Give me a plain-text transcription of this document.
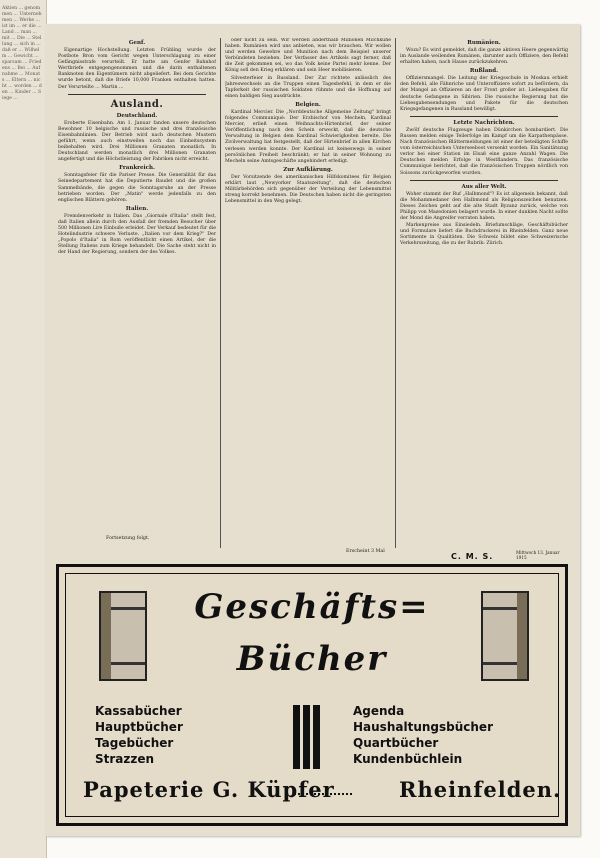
Aktien ... genommen ... Unternehmen ... Werke ... ist im ... er die ... Land ... man ... mit ... Die ... Stellung ... sich in ... daß er ... Wilhelm ... Gewicht ... sparsam ... Friedens ... Bei ... Aufnahme ... Monats ... Eltern ... nicht ... worden ... den ... Kinder ... Siege ...
Genf.

Eigenartige Hochstellung. Letzten Frühling wurde der Postbote Bron vom Gericht wegen Unterschlagung zu einer Gefängnisstrafe verurteilt. Er hatte am Genfer Bahnhof Wertbriefe entgegengenommen und die darin enthaltenen Banknoten den Eigentümern nicht abgeliefert. Bei dem Gerichte wurde betont, daß die Briefe 10,000 Franken enthalten hatten. Der Verurteilte ... Martin ...

Ausland.
Deutschland.

Eroberte Eisenbahn. Am 1. Januar fanden unsere deutschen Bewohner 10 belgische und russische und drei französische Eisenbahnlinien. Der Betrieb wird nach deutschen Mustern geführt, wenn auch einstweilen noch das Einheitssystem beibehalten wird. Drei Millionen Granaten monatlich. In Deutschland werden monatlich drei Millionen Granaten angefertigt und die Höchstleistung der Fabriken nicht erreicht.

Frankreich.

Sonntagsfeier für die Pariser Presse. Die Generalität für das Seinedepartement hat die Deputierte Baudet und die großen Sammelbände, die gegen die Sonntagsruhe an der Presse betrieben worden. Der „Matin" werde jedenfalls zu den englischen Blättern gehören.

Italien.

Fremdenverkehr in Italien. Das „Giornale d'Italia" stellt fest, daß Italien allein durch den Ausfall der fremden Besucher über 500 Millionen Lire Einbuße erleidet. Der Verkauf bedeutet für die Hotelindustrie schwere Verluste. „Italien vor dem Krieg?" Der „Popolo d'Italia" in Rom veröffentlicht einen Artikel, der die Stellung Italiens zum Kriege behandelt. Die Sache steht nicht in der Hand der Regierung, sondern der des Volkes.

Fortsetzung folgt.

oder nicht zu sein. Wir werden anderthalb Millionen Milchkühe haben. Rumänien wird uns anbieten, was wir brauchen. Wir wollen und werden Gewehre und Munition nach dem Beispiel unserer Verbündeten beziehen. Der Verfasser des Artikels sagt ferner, daß die Zeit gekommen sei, wo das Volk keine Partei mehr kenne. Der König soll den Krieg erklären und sein Heer mobilisieren.

Silvesterfeier in Russland. Der Zar richtete anlässlich des Jahreswechsels an die Truppen einen Tagesbefehl, in dem er die Tapferkeit der russischen Soldaten rühmte und die Hoffnung auf einen baldigen Sieg ausdrückte.

Belgien.

Kardinal Mercier. Die „Norddeutsche Allgemeine Zeitung" bringt folgendes Communiqué: Der Erzbischof von Mecheln, Kardinal Mercier, erließ einen Weihnachts-Hirtenbrief, der seiner Veröffentlichung nach den Schein erweckt, daß die deutsche Verwaltung in Belgien dem Kardinal Schwierigkeiten bereite. Die Zivilverwaltung hat festgestellt, daß der Hirtenbrief in allen Kirchen verlesen werden konnte. Der Kardinal ist keineswegs in seiner persönlichen Freiheit beschränkt; er hat in seiner Wohnung zu Mecheln seine Amtsgeschäfte ungehindert erledigt.

Zur Aufklärung.

Der Vorsitzende des amerikanischen Hilfskomitees für Belgien erklärt laut „Newyorker Staatszeitung", daß die deutschen Militärbehörden sich gegenüber der Verteilung der Lebensmittel streng korrekt benehmen. Die Deutschen haben nicht die geringsten Lebensmittel in den Weg gelegt.

Erscheint 3 Mal
Rumänien.

Wozu? Es wird gemeldet, daß die ganze aktiven Heere gegenwärtig im Auslande weilenden Rumänen, darunter auch Offiziere, den Befehl erhalten haben, nach Hause zurückzukehren.

Rußland.

Offiziersmangel. Die Leitung der Kriegsschule in Moskau erhielt den Befehl, alle Fähnriche und Unteroffiziere sofort zu befördern, da der Mangel an Offizieren an der Front großer ist. Liebesgaben für deutsche Gefangene in Sibirien. Die russische Regierung hat die Liebesgabensendungen und Pakete für die deutschen Kriegsgefangenen in Russland bewilligt.

Letzte Nachrichten.

Zwölf deutsche Flugzeuge haben Dünkirchen bombardiert. Die Russen melden einige Teilerfolge im Kampf um die Karpathenpässe. Nach französischen Blättermeldungen ist einer der beteiligten Schiffe vom österreichischen Unterseeboot versenkt worden. Ein Sanitätszug verlor bei einer Station im Elsaß eine ganze Anzahl Wagen. Die Deutschen melden Erfolge in Westflandern. Das französische Communiqué berichtet, daß die französischen Truppen nördlich von Soissons zurückgeworfen wurden.

Aus aller Welt.

Woher stammt der Ruf „Halbmond"? Es ist allgemein bekannt, daß die Mohammedaner den Halbmond als Religionszeichen benutzen. Dieses Zeichen geht auf die alte Stadt Byzanz zurück, welche von Philipp von Mazedonien belagert wurde. In einer dunklen Nacht sollte der Mond die Angreifer verraten haben.

Markenpreise aus Einsiedeln. Briefumschläge, Geschäftsbücher und Formulare liefert die Buchdruckerei in Rheinfelden. Ganz neue Sortimente in Qualitäten. Die Schweiz bildet eine Schweizerische Verkehrszeitung, die zu der Rubrik: Zürich.

C. M. S.	Mittwoch 13. Januar 1915
Geschäfts=
Bücher
Kassabücher
Hauptbücher
Tagebücher
Strazzen
Agenda
Haushaltungsbücher
Quartbücher
Kundenbüchlein
Papeterie G. Küpfer	Rheinfelden.
